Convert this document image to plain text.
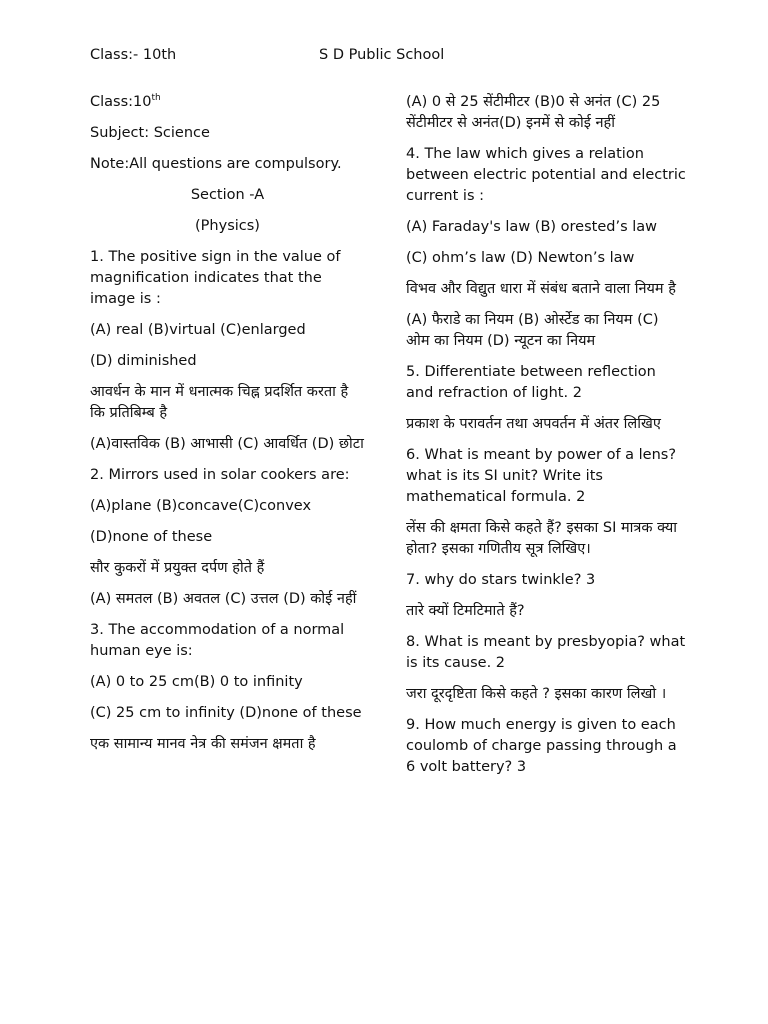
Class:- 10th	S D Public School

Class:10th

Subject: Science

Note:All questions are compulsory.

Section -A

(Physics)

1. The positive sign in the value of magnification indicates that the image is :

(A) real (B)virtual (C)enlarged

(D) diminished

आवर्धन के मान में धनात्मक चिह्न प्रदर्शित करता है कि प्रतिबिम्ब है

(A)वास्तविक (B) आभासी (C) आवर्धित (D) छोटा

2. Mirrors used in solar cookers are:

(A)plane (B)concave(C)convex

(D)none of these

सौर कुकरों में प्रयुक्त दर्पण होते हैं

(A) समतल (B) अवतल (C) उत्तल (D) कोई नहीं

3. The accommodation of a normal human eye is:

(A) 0 to 25 cm(B) 0 to infinity

(C) 25 cm to infinity (D)none of these

एक सामान्य मानव नेत्र की समंजन क्षमता है

(A) 0 से 25 सेंटीमीटर (B)0 से अनंत (C) 25 सेंटीमीटर से अनंत(D) इनमें से कोई नहीं

4. The law which gives a relation between electric potential and electric current is :

(A) Faraday's law (B) orested’s law

(C) ohm’s law (D) Newton’s law

विभव और विद्युत धारा में संबंध बताने वाला नियम है

(A) फैराडे का नियम (B) ओर्स्टेड का नियम (C) ओम का नियम (D) न्यूटन का नियम

5. Differentiate between reflection and refraction of light. 2

प्रकाश के परावर्तन तथा अपवर्तन में अंतर लिखिए

6. What is meant by power of a lens? what is its SI unit? Write its mathematical formula. 2

लेंस की क्षमता किसे कहते हैं? इसका SI मात्रक क्या होता? इसका गणितीय सूत्र लिखिए।

7. why do stars twinkle? 3

तारे क्यों टिमटिमाते हैं?

8. What is meant by presbyopia? what is its cause. 2

जरा दूरदृष्टिता किसे कहते ? इसका कारण लिखो ।

9. How much energy is given to each coulomb of charge passing through a 6 volt battery? 3
